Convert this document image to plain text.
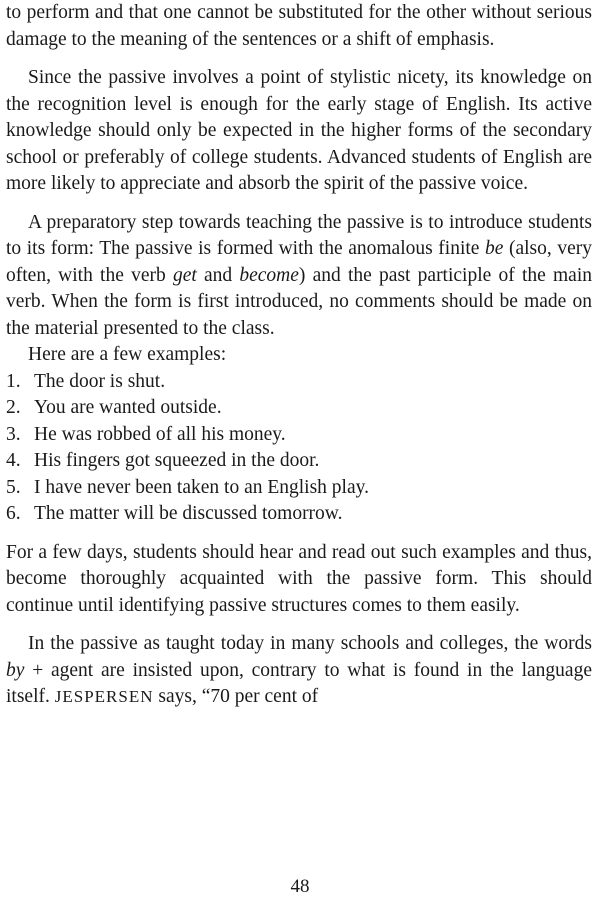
to perform and that one cannot be substituted for the other without serious damage to the meaning of the sentences or a shift of emphasis.

Since the passive involves a point of stylistic nicety, its knowledge on the recognition level is enough for the early stage of English. Its active knowledge should only be expected in the higher forms of the secondary school or preferably of college students. Advanced students of English are more likely to appreciate and absorb the spirit of the passive voice.

A preparatory step towards teaching the passive is to introduce students to its form: The passive is formed with the anomalous finite be (also, very often, with the verb get and become) and the past participle of the main verb. When the form is first introduced, no comments should be made on the material presented to the class.

Here are a few examples:

1. The door is shut.
2. You are wanted outside.
3. He was robbed of all his money.
4. His fingers got squeezed in the door.
5. I have never been taken to an English play.
6. The matter will be discussed tomorrow.

For a few days, students should hear and read out such examples and thus, become thoroughly acquainted with the passive form. This should continue until identifying passive structures comes to them easily.

In the passive as taught today in many schools and colleges, the words by + agent are insisted upon, contrary to what is found in the language itself. JESPERSEN says, “70 per cent of

48
